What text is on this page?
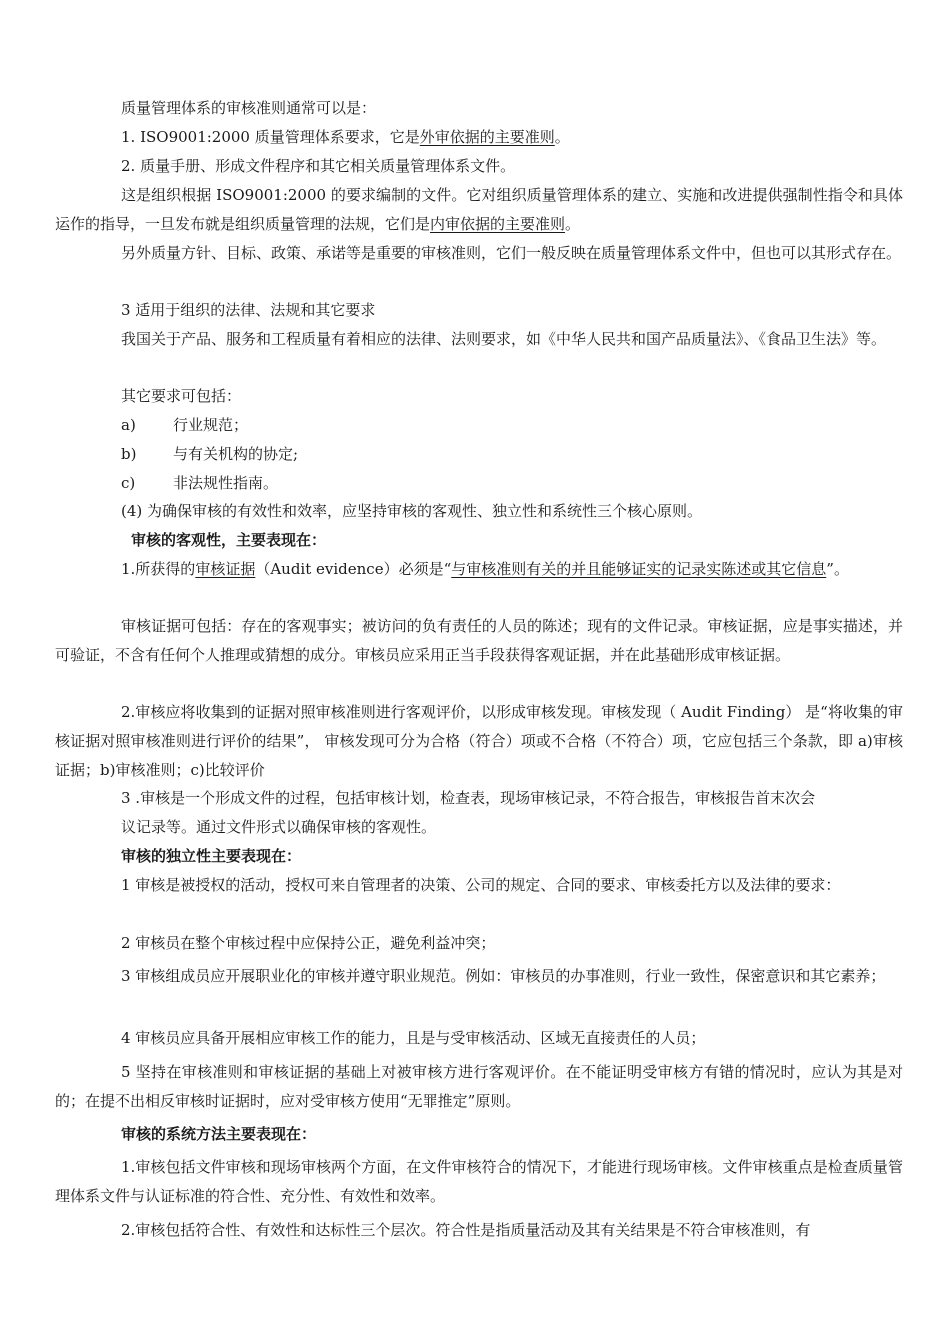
质量管理体系的审核准则通常可以是：

1. ISO9001:2000 质量管理体系要求，它是外审依据的主要准则。

2. 质量手册、形成文件程序和其它相关质量管理体系文件。

这是组织根据 ISO9001:2000 的要求编制的文件。它对组织质量管理体系的建立、实施和改进提供强制性指令和具体运作的指导，一旦发布就是组织质量管理的法规，它们是内审依据的主要准则。

另外质量方针、目标、政策、承诺等是重要的审核准则，它们一般反映在质量管理体系文件中，但也可以其形式存在。

3 适用于组织的法律、法规和其它要求

我国关于产品、服务和工程质量有着相应的法律、法则要求，如《中华人民共和国产品质量法》、《食品卫生法》等。

其它要求可包括：

a) 行业规范；
b) 与有关机构的协定;
c)	非法规性指南。

(4) 为确保审核的有效性和效率，应坚持审核的客观性、独立性和系统性三个核心原则。

审核的客观性，主要表现在：

1.所获得的审核证据（Audit evidence）必须是“与审核准则有关的并且能够证实的记录实陈述或其它信息”。

审核证据可包括：存在的客观事实；被访问的负有责任的人员的陈述；现有的文件记录。审核证据，应是事实描述，并可验证，不含有任何个人推理或猜想的成分。审核员应采用正当手段获得客观证据，并在此基础形成审核证据。

2.审核应将收集到的证据对照审核准则进行客观评价，以形成审核发现。审核发现（ Audit Finding） 是“将收集的审核证据对照审核准则进行评价的结果”， 审核发现可分为合格（符合）项或不合格（不符合）项，它应包括三个条款，即 a)审核证据；b)审核准则；c)比较评价

3 .审核是一个形成文件的过程，包括审核计划，检查表，现场审核记录，不符合报告，审核报告首末次会

议记录等。通过文件形式以确保审核的客观性。

审核的独立性主要表现在：

1 审核是被授权的活动，授权可来自管理者的决策、公司的规定、合同的要求、审核委托方以及法律的要求：

2 审核员在整个审核过程中应保持公正，避免利益冲突；

3 审核组成员应开展职业化的审核并遵守职业规范。例如：审核员的办事准则，行业一致性，保密意识和其它素养；

4 审核员应具备开展相应审核工作的能力，且是与受审核活动、区域无直接责任的人员；

5 坚持在审核准则和审核证据的基础上对被审核方进行客观评价。在不能证明受审核方有错的情况时，应认为其是对的；在提不出相反审核时证据时，应对受审核方使用“无罪推定”原则。

审核的系统方法主要表现在：

1.审核包括文件审核和现场审核两个方面，在文件审核符合的情况下，才能进行现场审核。文件审核重点是检查质量管理体系文件与认证标准的符合性、充分性、有效性和效率。

2.审核包括符合性、有效性和达标性三个层次。符合性是指质量活动及其有关结果是不符合审核准则，有
